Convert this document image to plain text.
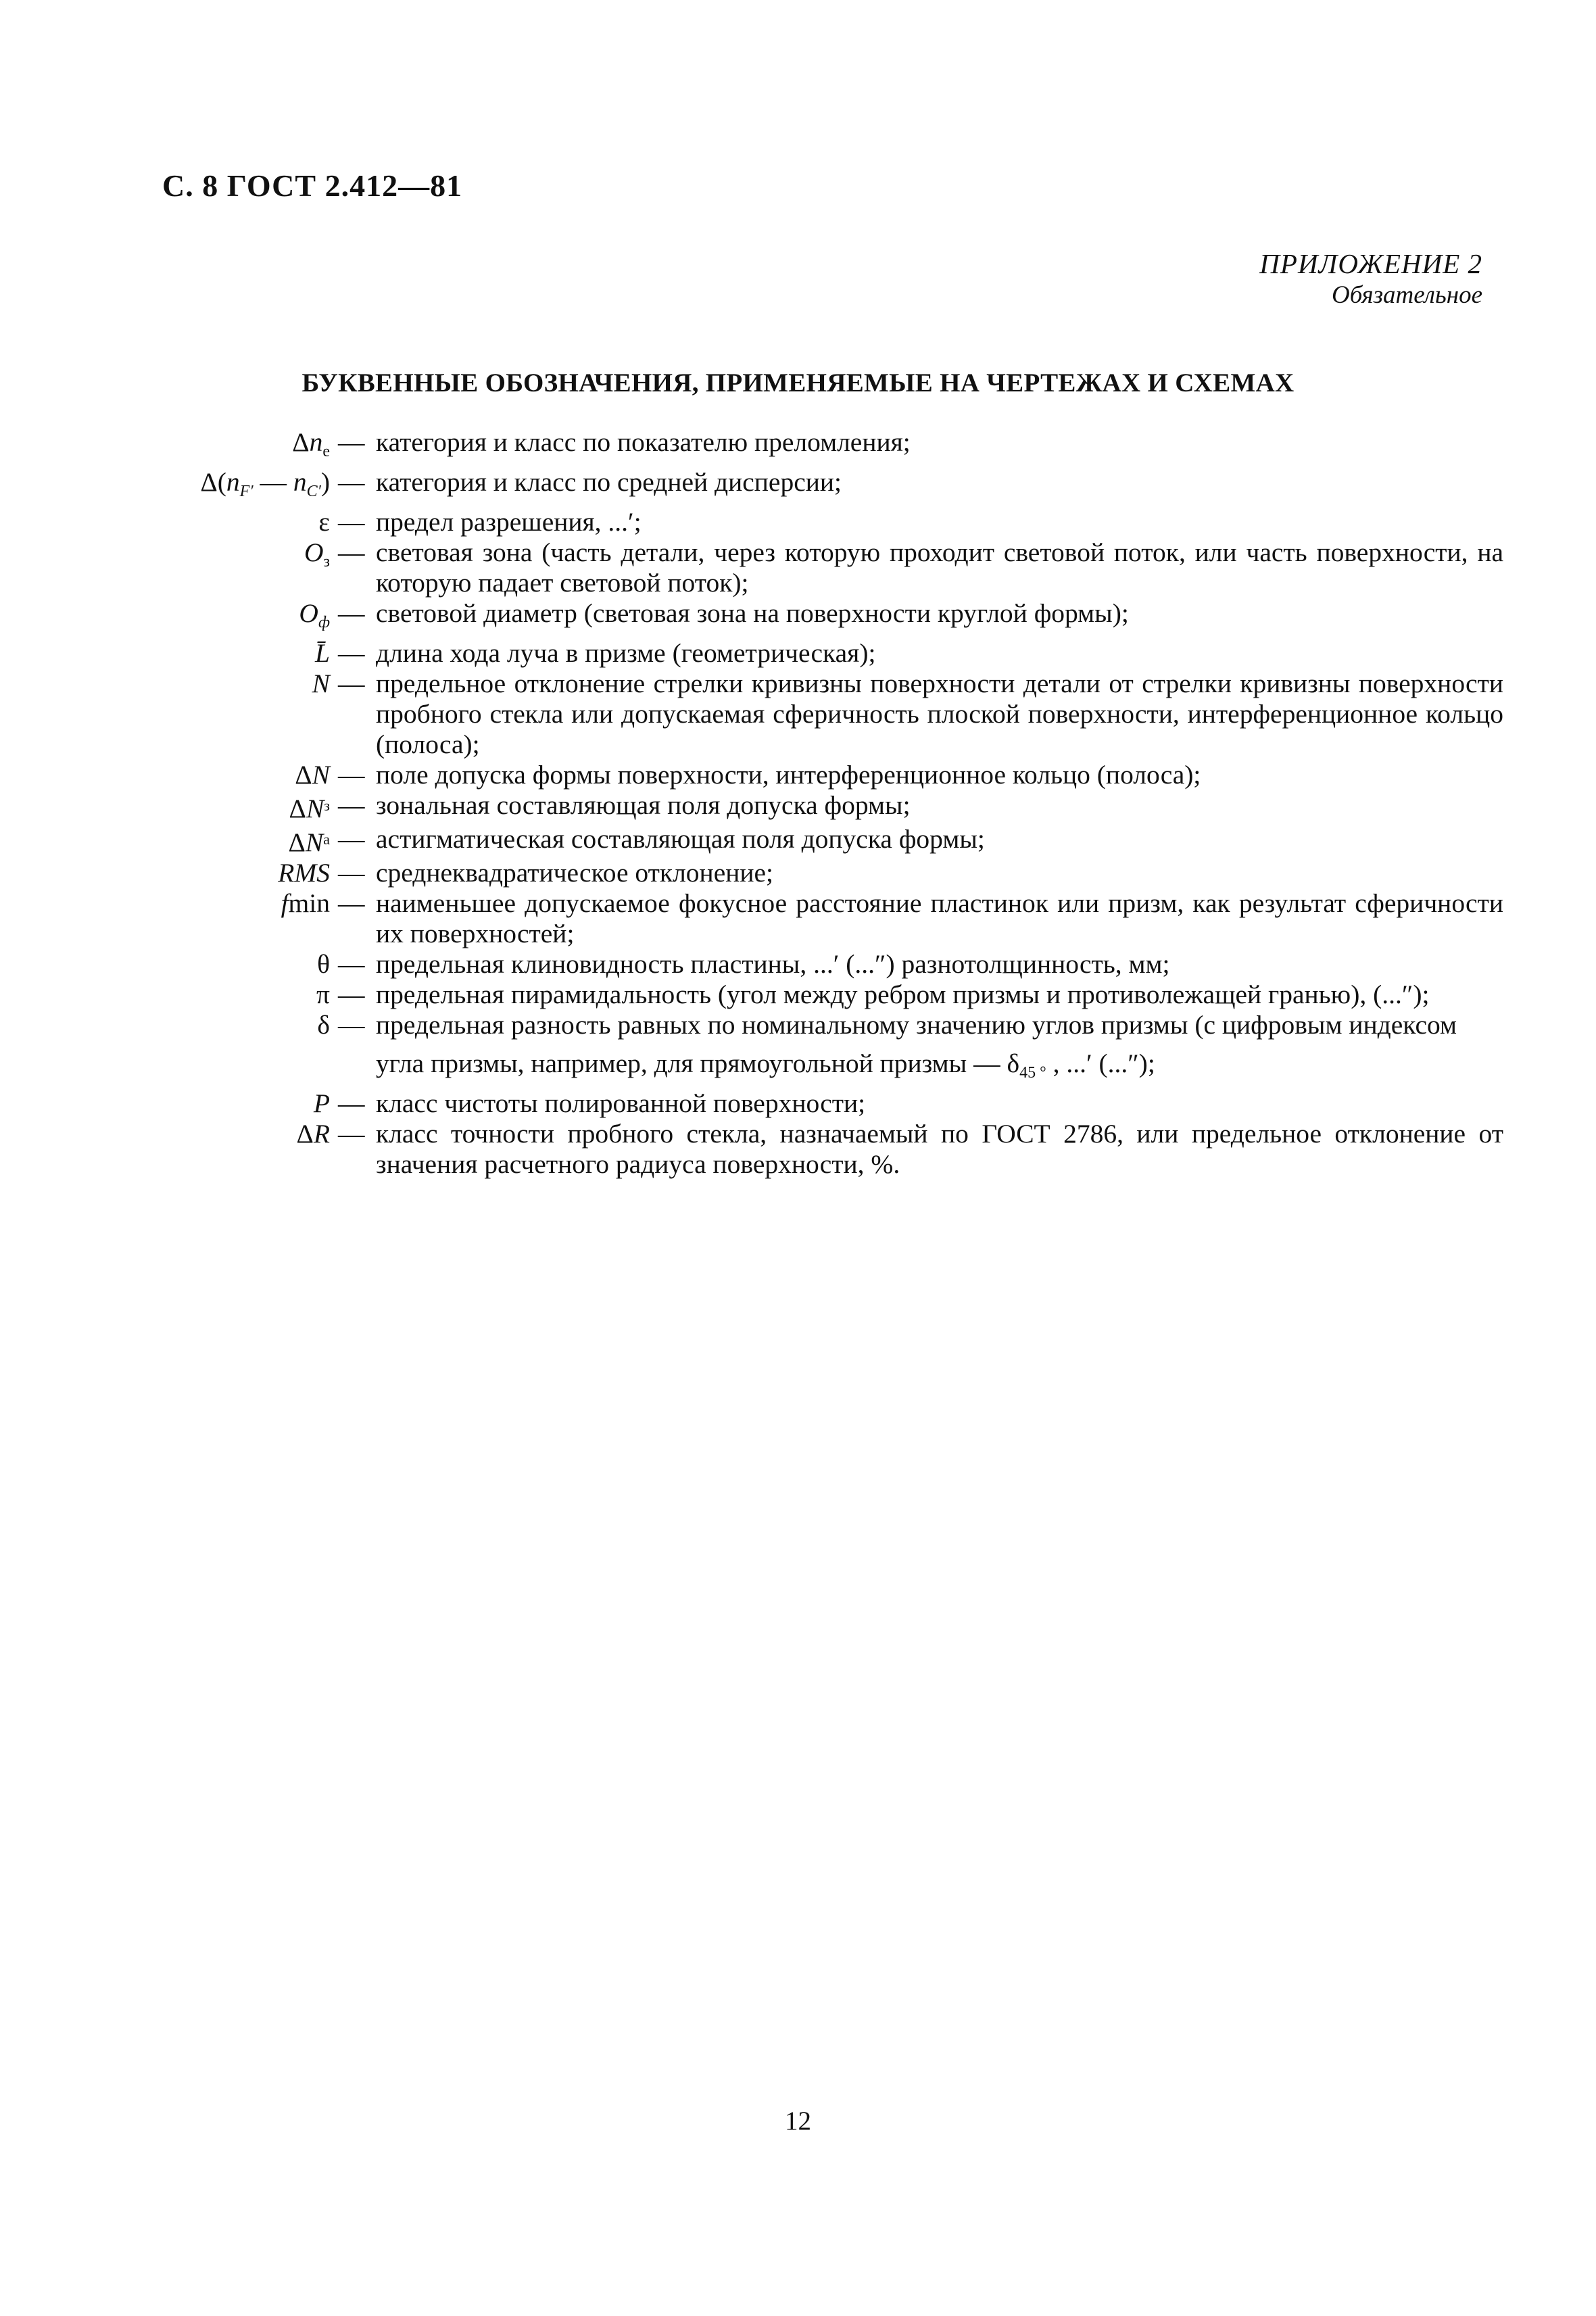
С. 8 ГОСТ 2.412—81
ПРИЛОЖЕНИЕ 2
Обязательное
БУКВЕННЫЕ ОБОЗНАЧЕНИЯ, ПРИМЕНЯЕМЫЕ НА ЧЕРТЕЖАХ И СХЕМАХ
$\Delta n_е$ — категория и класс по показателю преломления;
$\Delta(n_{F'}$ — $n_{C'}$) — категория и класс по средней дисперсии;
ε — предел разрешения, ...′;
$O_з$ — световая зона (часть детали, через которую проходит световой поток, или часть поверхности, на которую падает световой поток);
$O_ф$ — световой диаметр (световая зона на поверхности круглой формы);
L̄ — длина хода луча в призме (геометрическая);
N — предельное отклонение стрелки кривизны поверхности детали от стрелки кривизны поверхности пробного стекла или допускаемая сферичность плоской поверхности, интерференционное кольцо (полоса);
ΔN — поле допуска формы поверхности, интерференционное кольцо (полоса);
$\Delta N^з$ — зональная составляющая поля допуска формы;
$\Delta N^а$ — астигматическая составляющая поля допуска формы;
RMS — среднеквадратическое отклонение;
fmin — наименьшее допускаемое фокусное расстояние пластинок или призм, как результат сферичности их поверхностей;
θ — предельная клиновидность пластины, ...′ (...″) разнотолщинность, мм;
π — предельная пирамидальность (угол между ребром призмы и противолежащей гранью), (...″);
δ — предельная разность равных по номинальному значению углов призмы (с цифровым индексом
угла призмы, например, для прямоугольной призмы — $\delta_{45 ^\circ}$ , ...′ (...″);
P — класс чистоты полированной поверхности;
ΔR — класс точности пробного стекла, назначаемый по ГОСТ 2786, или предельное отклонение от значения расчетного радиуса поверхности, %.
12
